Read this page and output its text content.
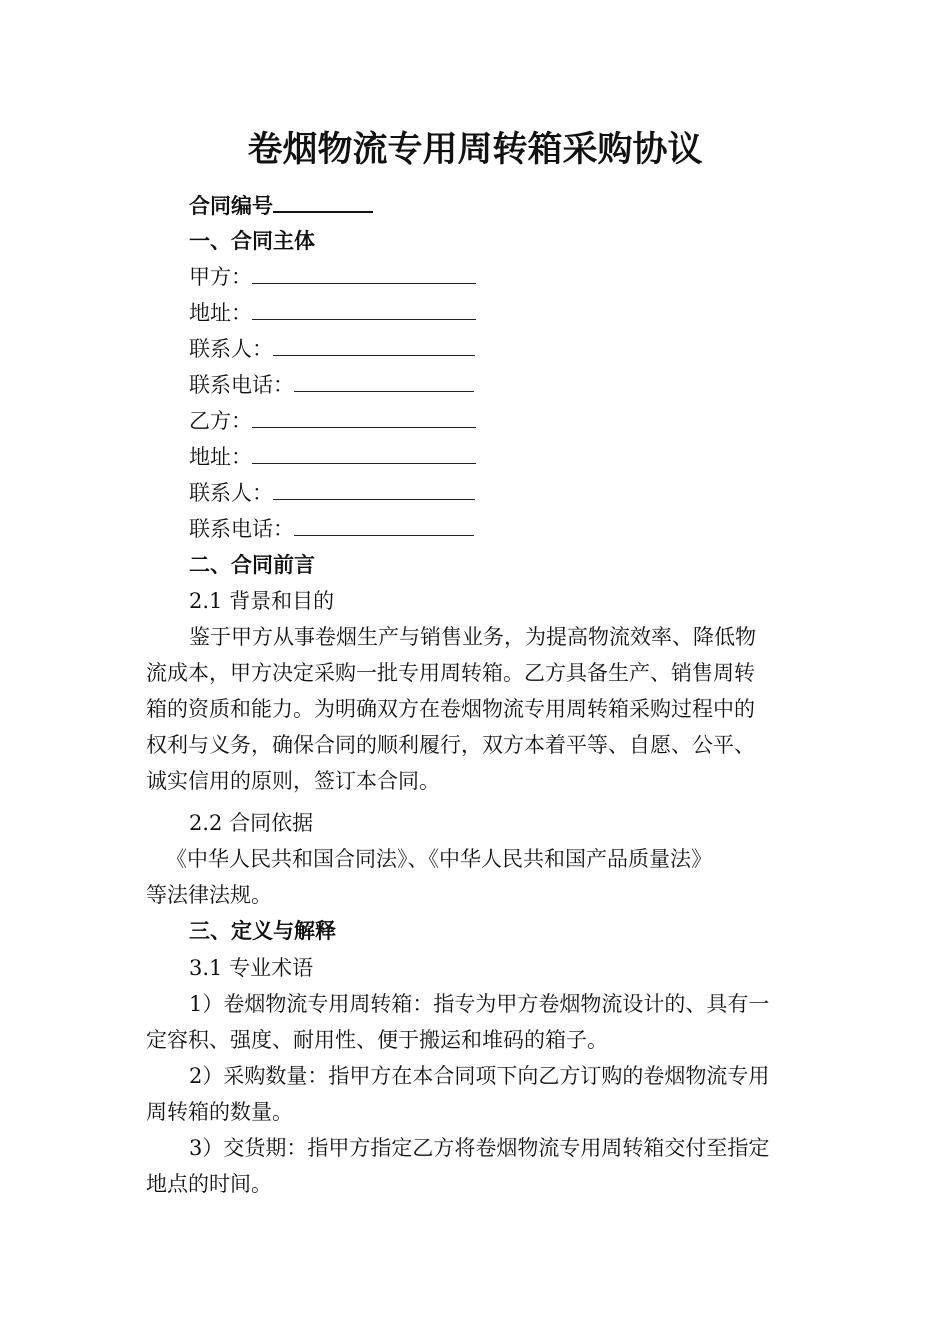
卷烟物流专用周转箱采购协议
合同编号
一、合同主体
甲方：
地址：
联系人：
联系电话：
乙方：
地址：
联系人：
联系电话：
二、合同前言
2.1 背景和目的
鉴于甲方从事卷烟生产与销售业务，为提高物流效率、降低物
流成本，甲方决定采购一批专用周转箱。乙方具备生产、销售周转
箱的资质和能力。为明确双方在卷烟物流专用周转箱采购过程中的
权利与义务，确保合同的顺利履行，双方本着平等、自愿、公平、
诚实信用的原则，签订本合同。
2.2 合同依据
《中华人民共和国合同法》、《中华人民共和国产品质量法》
等法律法规。
三、定义与解释
3.1 专业术语
1）卷烟物流专用周转箱：指专为甲方卷烟物流设计的、具有一
定容积、强度、耐用性、便于搬运和堆码的箱子。
2）采购数量：指甲方在本合同项下向乙方订购的卷烟物流专用
周转箱的数量。
3）交货期：指甲方指定乙方将卷烟物流专用周转箱交付至指定
地点的时间。
